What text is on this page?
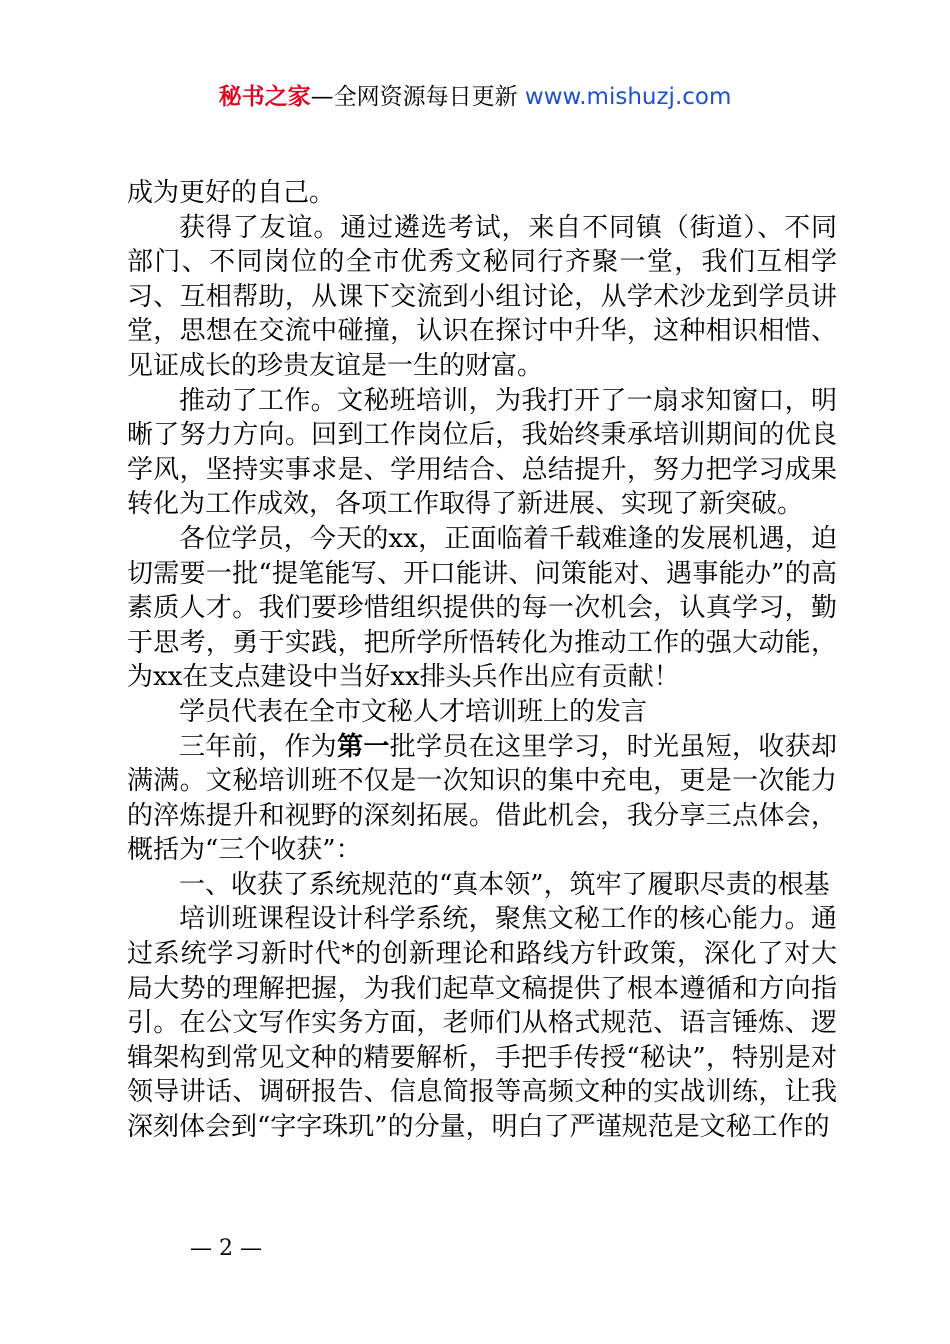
秘书之家—全网资源每日更新 www.mishuzj.com

成为更好的自己。

获得了友谊。通过遴选考试，来自不同镇（街道）、不同部门、不同岗位的全市优秀文秘同行齐聚一堂，我们互相学习、互相帮助，从课下交流到小组讨论，从学术沙龙到学员讲堂，思想在交流中碰撞，认识在探讨中升华，这种相识相惜、见证成长的珍贵友谊是一生的财富。

推动了工作。文秘班培训，为我打开了一扇求知窗口，明晰了努力方向。回到工作岗位后，我始终秉承培训期间的优良学风，坚持实事求是、学用结合、总结提升，努力把学习成果转化为工作成效，各项工作取得了新进展、实现了新突破。

各位学员，今天的xx，正面临着千载难逢的发展机遇，迫切需要一批“提笔能写、开口能讲、问策能对、遇事能办”的高素质人才。我们要珍惜组织提供的每一次机会，认真学习，勤于思考，勇于实践，把所学所悟转化为推动工作的强大动能，为xx在支点建设中当好xx排头兵作出应有贡献！

学员代表在全市文秘人才培训班上的发言

三年前，作为第一批学员在这里学习，时光虽短，收获却满满。文秘培训班不仅是一次知识的集中充电，更是一次能力的淬炼提升和视野的深刻拓展。借此机会，我分享三点体会，概括为“三个收获”：

一、收获了系统规范的“真本领”，筑牢了履职尽责的根基

培训班课程设计科学系统，聚焦文秘工作的核心能力。通过系统学习新时代*的创新理论和路线方针政策，深化了对大局大势的理解把握，为我们起草文稿提供了根本遵循和方向指引。在公文写作实务方面，老师们从格式规范、语言锤炼、逻辑架构到常见文种的精要解析，手把手传授“秘诀”，特别是对领导讲话、调研报告、信息简报等高频文种的实战训练，让我深刻体会到“字字珠玑”的分量，明白了严谨规范是文秘工作的

— 2 —
